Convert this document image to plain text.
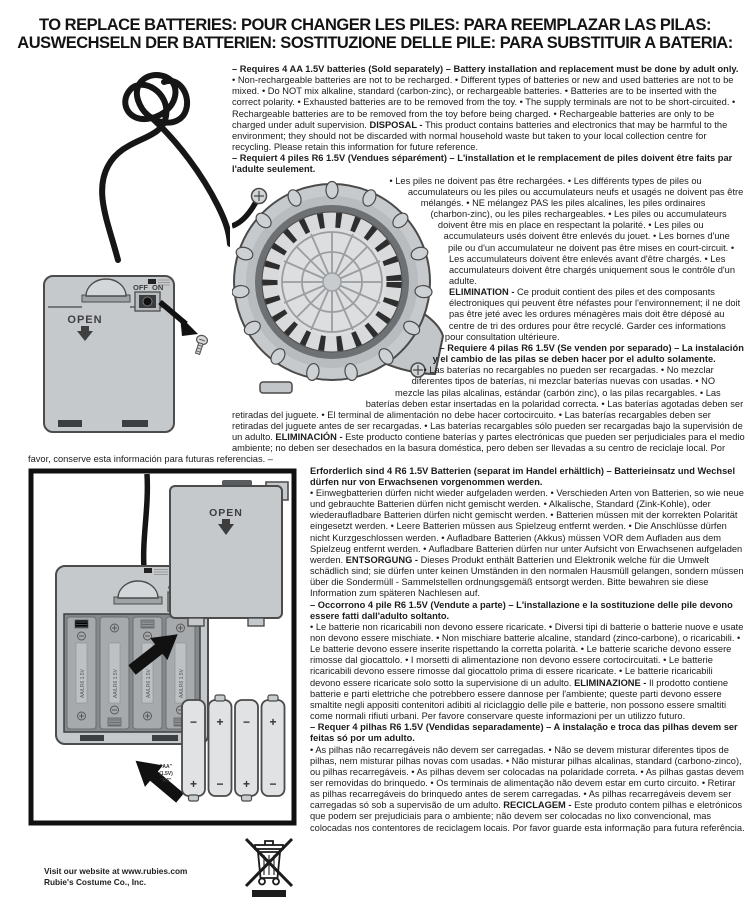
TO REPLACE BATTERIES: POUR CHANGER LES PILES: PARA REEMPLAZAR LAS PILAS:
AUSWECHSELN DER BATTERIEN: SOSTITUZIONE DELLE PILE: PARA SUBSTITUIR A BATERIA:
OFF ON
OPEN

– Requires 4 AA 1.5V batteries (Sold separately) – Battery installation and replacement must be done by adult only.

• Non-rechargeable batteries are not to be recharged. • Different types of batteries or new and used batteries are not to be mixed. • Do NOT mix alkaline, standard (carbon-zinc), or rechargeable batteries. • Batteries are to be inserted with the correct polarity. • Exhausted batteries are to be removed from the toy. • The supply terminals are not to be short-circuited. • Rechargeable batteries are to be removed from the toy before being charged. • Rechargeable batteries are only to be charged under adult supervision. DISPOSAL - This product contains batteries and electronics that may be harmful to the environment; they should not be discarded with normal household waste but taken to your local collection centre for recycling. Please retain this information for future reference.

– Requiert 4 piles R6 1.5V (Vendues séparément) – L'installation et le remplacement de piles doivent être faits par l'adulte seulement.

• Les piles ne doivent pas être rechargées. • Les différents types de piles ou accumulateurs ou les piles ou accumulateurs neufs et usagés ne doivent pas être mélangés. • NE mélangez PAS les piles alcalines, les piles ordinaires (charbon-zinc), ou les piles rechargeables. • Les piles ou accumulateurs doivent être mis en place en respectant la polarité. • Les piles ou accumulateurs usés doivent être enlevés du jouet. • Les bornes d'une pile ou d'un accumulateur ne doivent pas être mises en court-circuit. • Les accumulateurs doivent être enlevés avant d'être chargés. • Les accumulateurs doivent être chargés uniquement sous le contrôle d'un adulte.

ELIMINATION - Ce produit contient des piles et des composants électroniques qui peuvent être néfastes pour l'environnement; il ne doit pas être jeté avec les ordures ménagères mais doit être déposé au centre de tri des ordures pour être recyclé. Garder ces informations pour consultation ultérieure.

– Requiere 4 pilas R6 1.5V (Se venden por separado) – La instalación y el cambio de las pilas se deben hacer por el adulto solamente.

• Las baterías no recargables no pueden ser recargadas. • No mezclar diferentes tipos de baterías, ni mezclar baterías nuevas con usadas. • NO mezcle las pilas alcalinas, estándar (carbón zinc), o las pilas recargables. • Las baterías deben estar insertadas en la polaridad correcta. • Las baterías agotadas deben ser retiradas del juguete. • El terminal de alimentación no debe hacer cortocircuito. • Las baterías recargables deben ser retiradas del juguete antes de ser recargadas. • Las baterías recargables sólo pueden ser recargadas bajo la supervisión de un adulto. ELIMINACIÓN - Este producto contiene baterías y partes electrónicas que pueden ser perjudiciales para el medio ambiente; no deben ser desechados en la basura doméstica, pero deben ser llevadas a su centro de reciclaje local. Por favor, conserve esta información para futuras referencias. –

AA/LR6 1.5V	AA/LR6 1.5V	AA/LR6 1.5V	AA/LR6 1.5V
OPEN
"AA"
(1.5V)
"R6"
−
+
+
−
−
+
+
−

Erforderlich sind 4 R6 1.5V Batterien (separat im Handel erhältlich) – Batterieinsatz und Wechsel dürfen nur von Erwachsenen vorgenommen werden.

• Einwegbatterien dürfen nicht wieder aufgeladen werden. • Verschieden Arten von Batterien, so wie neue und gebrauchte Batterien dürfen nicht gemischt werden. • Alkalische, Standard (Zink-Kohle), oder wiederaufladbare Batterien dürfen nicht gemischt werden. • Batterien müssen mit der korrekten Polarität eingesetzt werden. • Leere Batterien müssen aus Spielzeug entfernt werden. • Die Anschlüsse dürfen nicht Kurzgeschlossen werden. • Aufladbare Batterien (Akkus) müssen VOR dem Aufladen aus dem Spielzeug entfernt werden. • Aufladbare Batterien dürfen nur unter Aufsicht von Erwachsenen aufgeladen werden. ENTSORGUNG - Dieses Produkt enthält Batterien und Elektronik welche für die Umwelt schädlich sind; sie dürfen unter keinen Umständen in den normalen Hausmüll gelangen, sondern müssen über die Sondermüll - Sammelstellen ordnungsgemäß entsorgt werden. Bitte bewahren sie diese Information zum späteren Nachlesen auf.

– Occorrono 4 pile R6 1.5V (Vendute a parte) – L'installazione e la sostituzione delle pile devono essere fatti dall'adulto soltanto.

• Le batterie non ricaricabili non devono essere ricaricate. • Diversi tipi di batterie o batterie nuove e usate non devono essere mischiate. • Non mischiare batterie alcaline, standard (zinco-carbone), o ricaricabili. • Le batterie devono essere inserite rispettando la corretta polarità. • Le batterie scariche devono essere rimosse dal giocattolo. • I morsetti di alimentazione non devono essere cortocircuitati. • Le batterie ricaricabili devono essere rimosse dal giocattolo prima di essere ricaricate. • Le batterie ricaricabili devono essere ricaricate solo sotto la supervisione di un adulto. ELIMINAZIONE - Il prodotto contiene batterie e parti elettriche che potrebbero essere dannose per l'ambiente; queste parti devono essere smaltite negli appositi contenitori adibiti al riciclaggio delle pile e batterie, non possono essere smaltiti come normali rifiuti urbani. Per favore conservare queste informazioni per un utilizzo futuro.

– Requer 4 pilhas R6 1.5V (Vendidas separadamente) – A instalação e troca das pilhas devem ser feitas só por um adulto.

• As pilhas não recarregáveis não devem ser carregadas. • Não se devem misturar diferentes tipos de pilhas, nem misturar pilhas novas com usadas. • Não misturar pilhas alcalinas, standard (carbono-zinco), ou pilhas recarregáveis. • As pilhas devem ser colocadas na polaridade correta. • As pilhas gastas devem ser removidas do brinquedo. • Os terminais de alimentação não devem estar em curto circuito. • Retirar as pilhas recarregáveis do brinquedo antes de serem carregadas. • As pilhas recarregáveis devem ser carregadas só sob a supervisão de um adulto. RECICLAGEM - Este produto contem pilhas e eletrónicos que podem ser prejudiciais para o ambiente; não devem ser colocadas no lixo convencional, mas colocadas nos contentores de reciclagem locais. Por favor guarde esta informação para futura referência.

Visit our website at www.rubies.com
Rubie's Costume Co., Inc.
